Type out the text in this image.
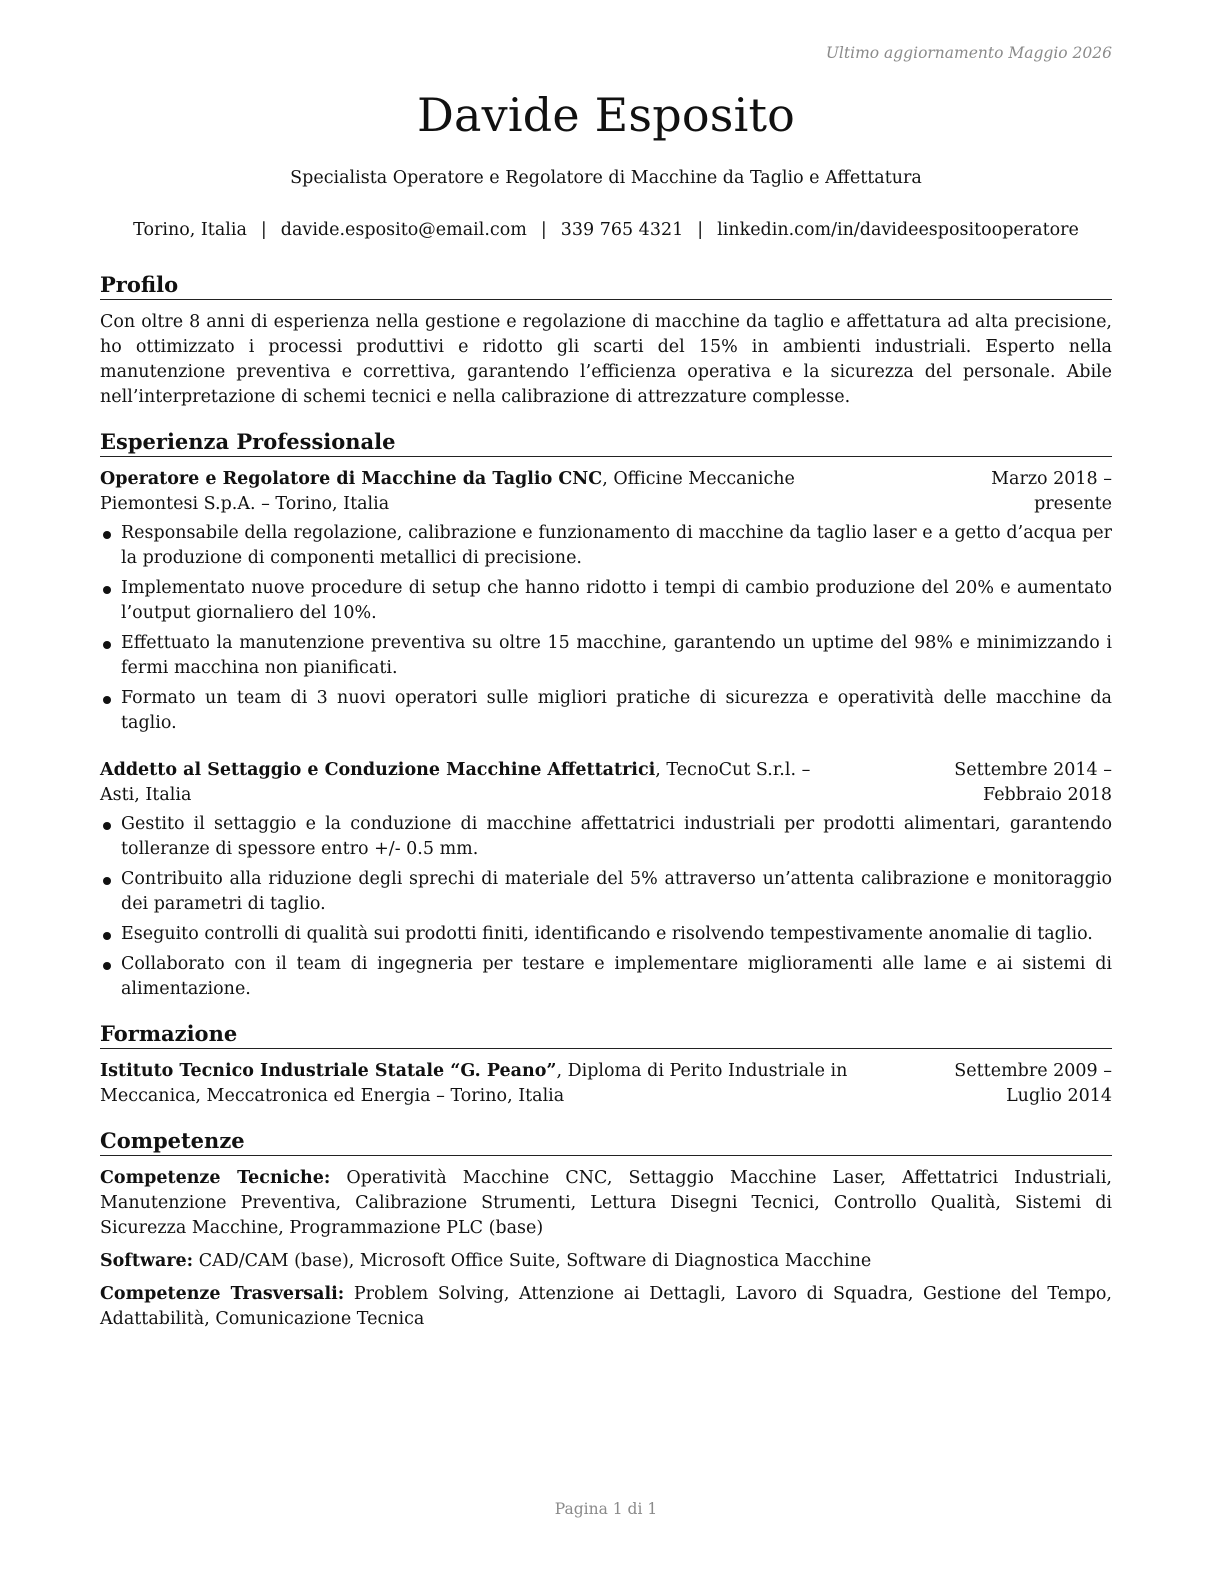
Ultimo aggiornamento Maggio 2026
Davide Esposito
Specialista Operatore e Regolatore di Macchine da Taglio e Affettatura
Torino, Italia | davide.esposito@email.com | 339 765 4321 | linkedin.com/in/davideespositooperatore
Profilo

Con oltre 8 anni di esperienza nella gestione e regolazione di macchine da taglio e affettatura ad alta precisione, ho ottimizzato i processi produttivi e ridotto gli scarti del 15% in ambienti industriali. Esperto nella manutenzione preventiva e correttiva, garantendo l’efficienza operativa e la sicurezza del personale. Abile nell’interpretazione di schemi tecnici e nella calibrazione di attrezzature complesse.

Esperienza Professionale
Operatore e Regolatore di Macchine da Taglio CNC, Officine Meccaniche Piemontesi S.p.A. – Torino, Italia
Marzo 2018 – presente
Responsabile della regolazione, calibrazione e funzionamento di macchine da taglio laser e a getto d’acqua per la produzione di componenti metallici di precisione.
Implementato nuove procedure di setup che hanno ridotto i tempi di cambio produzione del 20% e aumentato l’output giornaliero del 10%.
Effettuato la manutenzione preventiva su oltre 15 macchine, garantendo un uptime del 98% e minimizzando i fermi macchina non pianificati.
Formato un team di 3 nuovi operatori sulle migliori pratiche di sicurezza e operatività delle macchine da taglio.
Addetto al Settaggio e Conduzione Macchine Affettatrici, TecnoCut S.r.l. – Asti, Italia
Settembre 2014 – Febbraio 2018
Gestito il settaggio e la conduzione di macchine affettatrici industriali per prodotti alimentari, garantendo tolleranze di spessore entro +/- 0.5 mm.
Contribuito alla riduzione degli sprechi di materiale del 5% attraverso un’attenta calibrazione e monitoraggio dei parametri di taglio.
Eseguito controlli di qualità sui prodotti finiti, identificando e risolvendo tempestivamente anomalie di taglio.
Collaborato con il team di ingegneria per testare e implementare miglioramenti alle lame e ai sistemi di alimentazione.
Formazione
Istituto Tecnico Industriale Statale “G. Peano”, Diploma di Perito Industriale in Meccanica, Meccatronica ed Energia – Torino, Italia
Settembre 2009 – Luglio 2014
Competenze

Competenze Tecniche: Operatività Macchine CNC, Settaggio Macchine Laser, Affettatrici Industriali, Manutenzione Preventiva, Calibrazione Strumenti, Lettura Disegni Tecnici, Controllo Qualità, Sistemi di Sicurezza Macchine, Programmazione PLC (base)

Software: CAD/CAM (base), Microsoft Office Suite, Software di Diagnostica Macchine

Competenze Trasversali: Problem Solving, Attenzione ai Dettagli, Lavoro di Squadra, Gestione del Tempo, Adattabilità, Comunicazione Tecnica

Pagina 1 di 1
